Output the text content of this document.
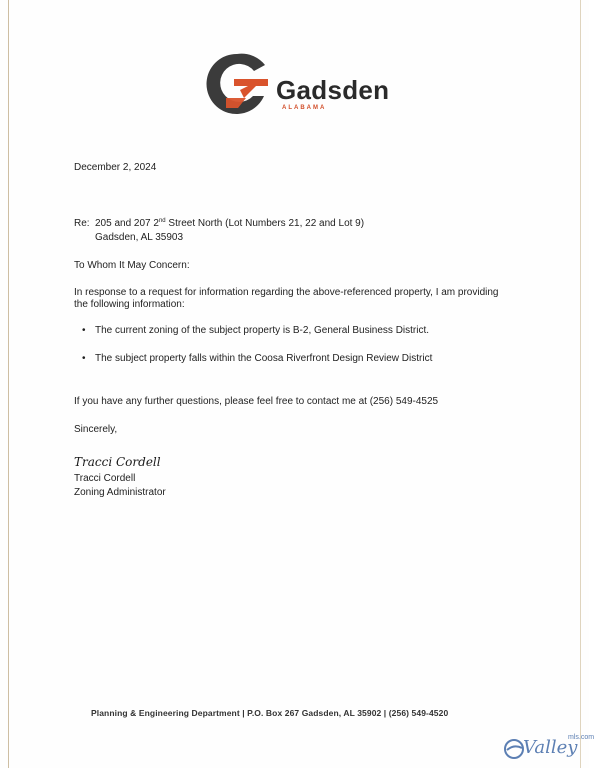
Gadsden
ALABAMA
December 2, 2024
Re: 205 and 207 2nd Street North (Lot Numbers 21, 22 and Lot 9)
Gadsden, AL 35903
To Whom It May Concern:
In response to a request for information regarding the above-referenced property, I am providing
the following information:
• The current zoning of the subject property is B-2, General Business District.
• The subject property falls within the Coosa Riverfront Design Review District
If you have any further questions, please feel free to contact me at (256) 549-4525
Sincerely,
Tracci Cordell
Tracci Cordell
Zoning Administrator
Planning & Engineering Department | P.O. Box 267 Gadsden, AL 35902 | (256) 549-4520
Valley
mls.com
